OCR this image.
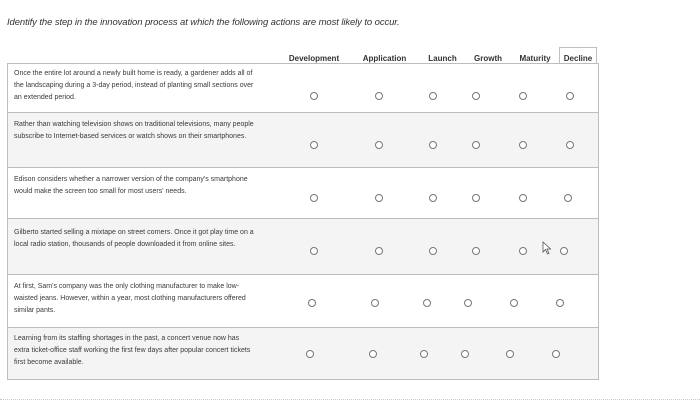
Identify the step in the innovation process at which the following actions are most likely to occur.
Development	Application	Launch	Growth	Maturity	Decline
Once the entire lot around a newly built home is ready, a gardener adds all of the landscaping during a 3-day period, instead of planting small sections over an extended period.
Rather than watching television shows on traditional televisions, many people subscribe to Internet-based services or watch shows on their smartphones.
Edison considers whether a narrower version of the company's smartphone would make the screen too small for most users' needs.
Gilberto started selling a mixtape on street corners. Once it got play time on a local radio station, thousands of people downloaded it from online sites.
At first, Sam's company was the only clothing manufacturer to make low-waisted jeans. However, within a year, most clothing manufacturers offered similar pants.
Learning from its staffing shortages in the past, a concert venue now has extra ticket-office staff working the first few days after popular concert tickets first become available.
